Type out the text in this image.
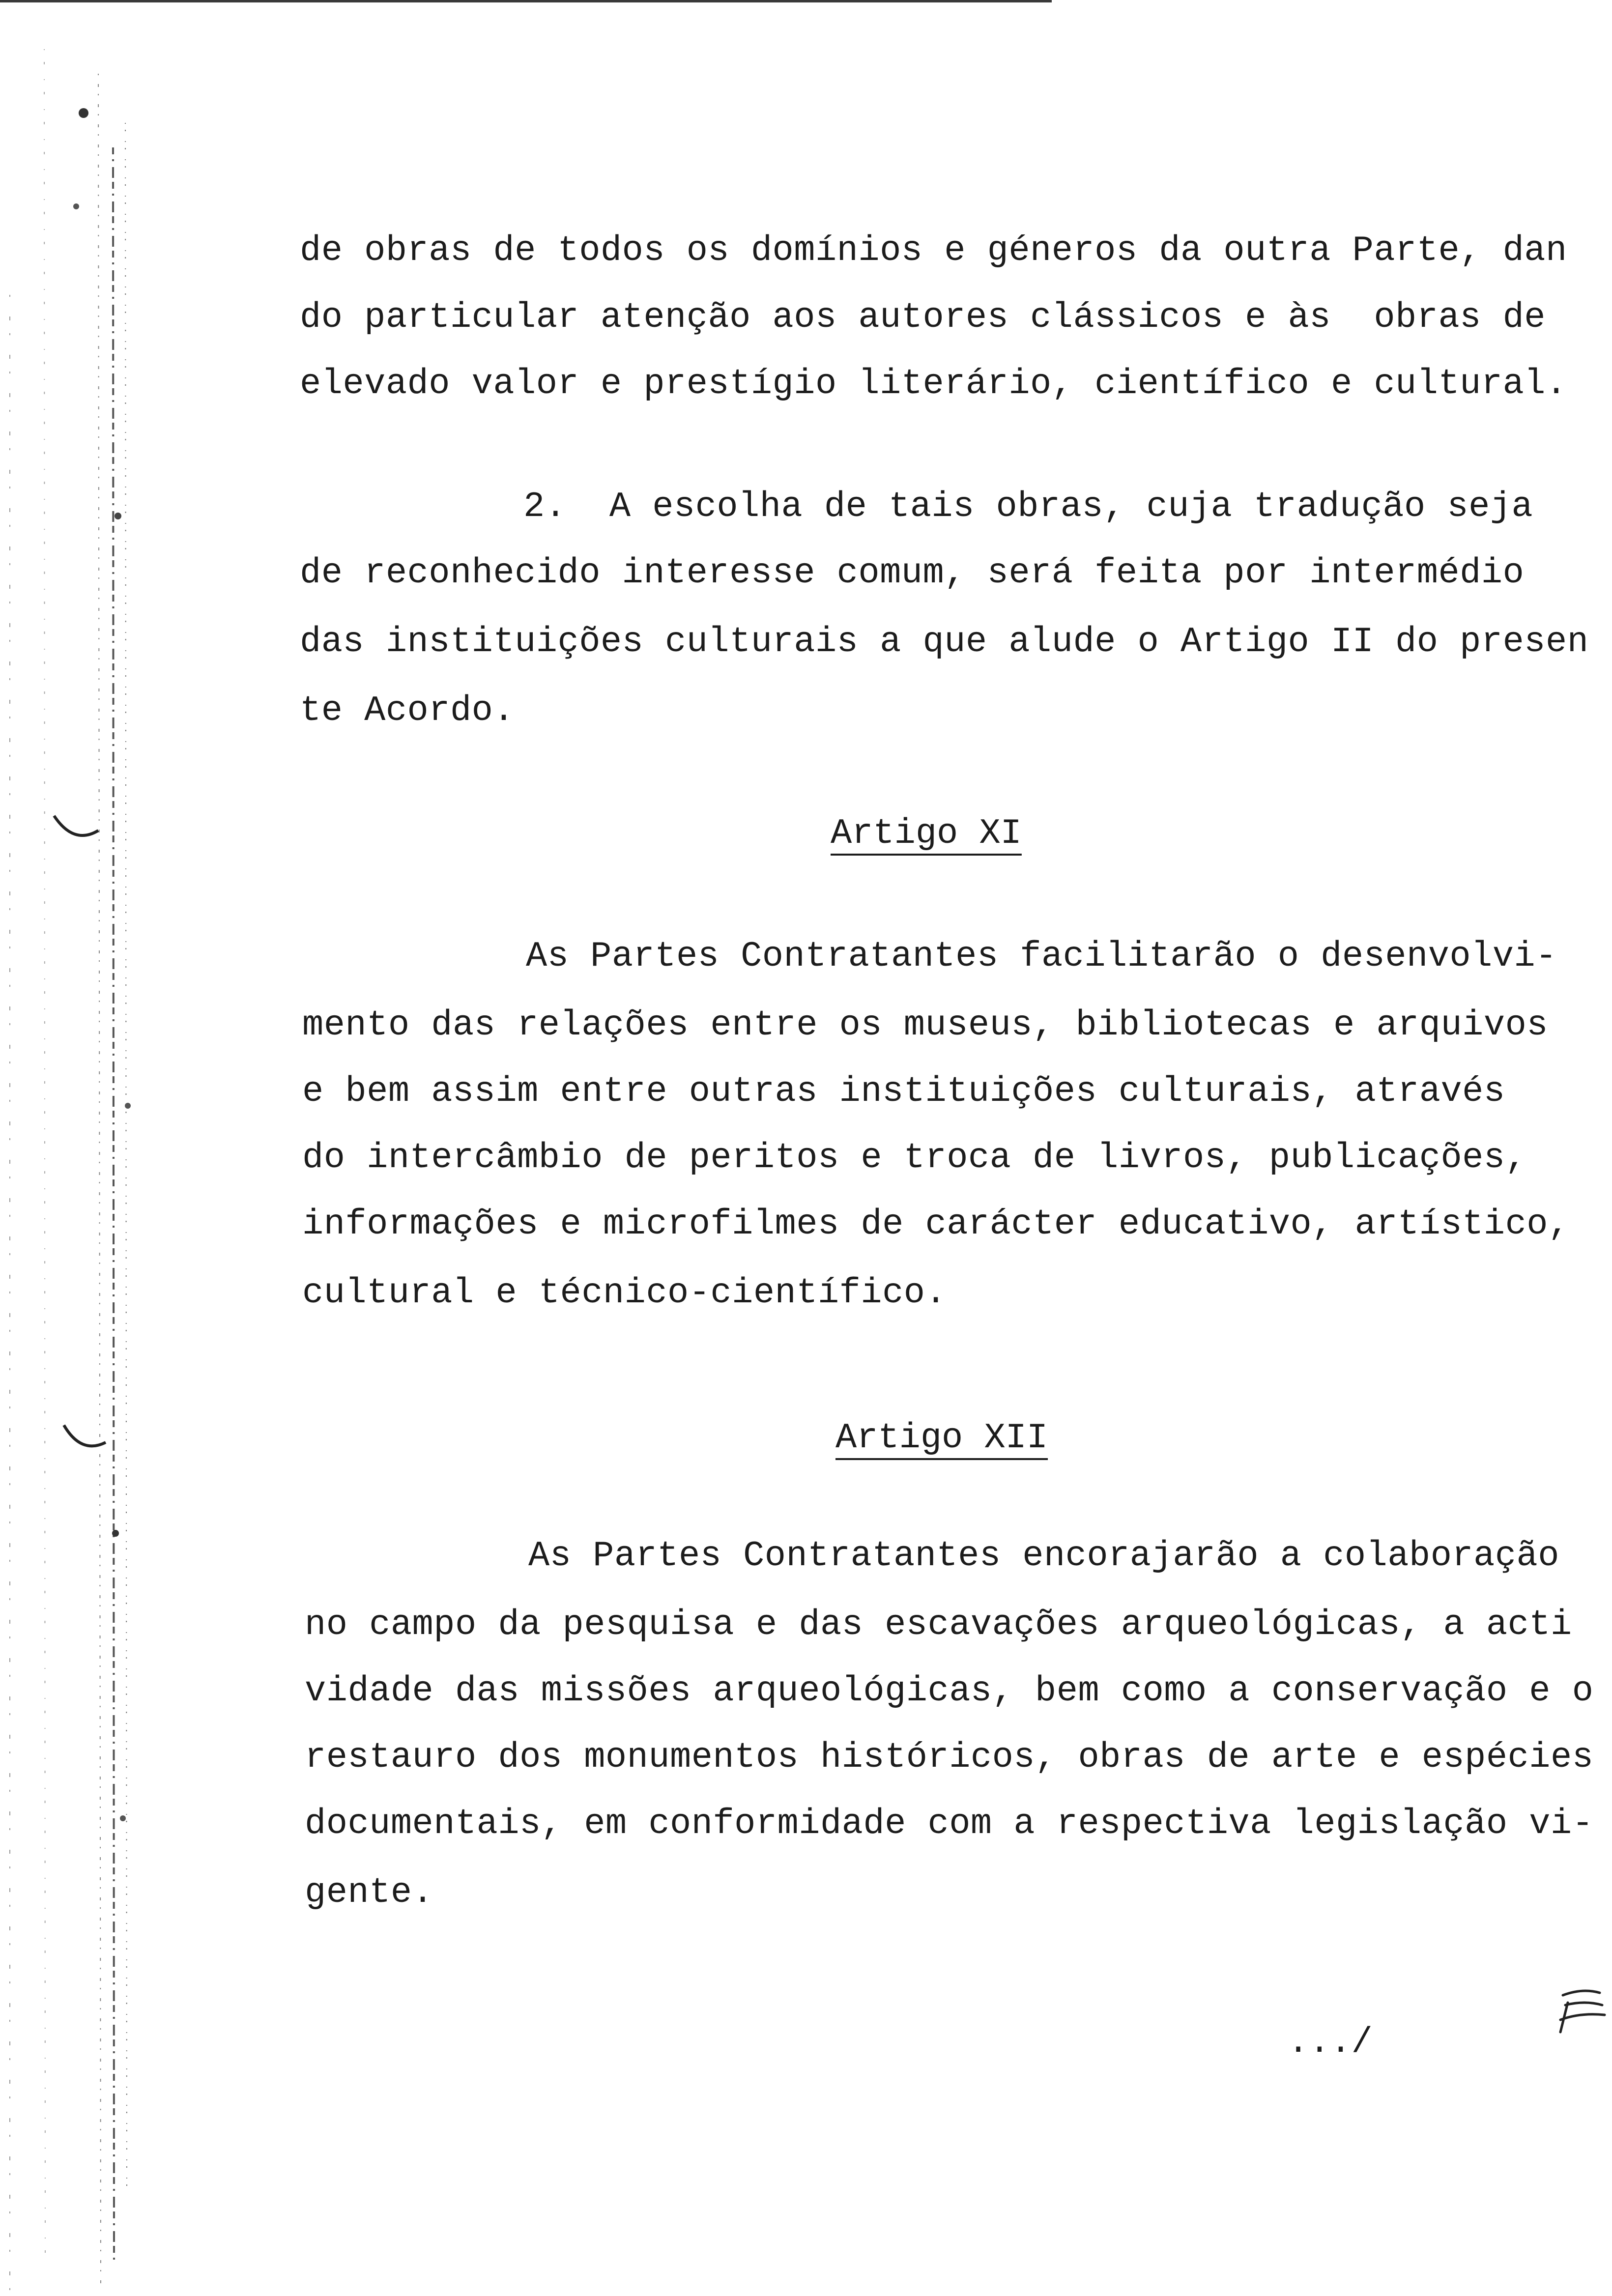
de obras de todos os domínios e géneros da outra Parte, dan
do particular atenção aos autores clássicos e às  obras de
elevado valor e prestígio literário, científico e cultural.
2.  A escolha de tais obras, cuja tradução seja
de reconhecido interesse comum, será feita por intermédio
das instituições culturais a que alude o Artigo II do presen
te Acordo.
Artigo XI
As Partes Contratantes facilitarão o desenvolvi-
mento das relações entre os museus, bibliotecas e arquivos
e bem assim entre outras instituições culturais, através
do intercâmbio de peritos e troca de livros, publicações,
informações e microfilmes de carácter educativo, artístico,
cultural e técnico-científico.
Artigo XII
As Partes Contratantes encorajarão a colaboração
no campo da pesquisa e das escavações arqueológicas, a acti
vidade das missões arqueológicas, bem como a conservação e o
restauro dos monumentos históricos, obras de arte e espécies
documentais, em conformidade com a respectiva legislação vi-
gente.
.../
